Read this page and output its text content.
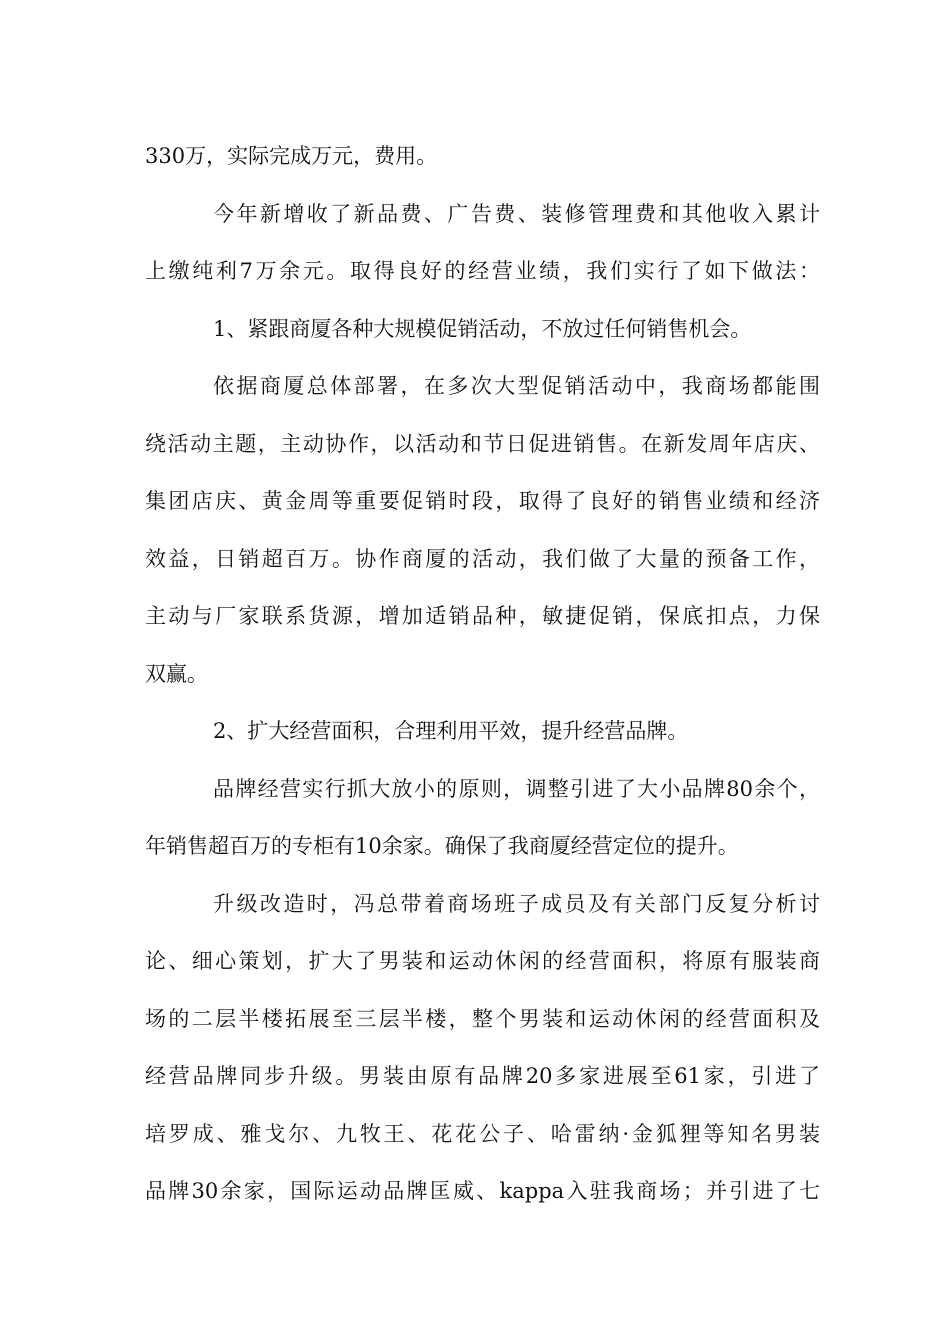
330万，实际完成万元，费用。
今年新增收了新品费、广告费、装修管理费和其他收入累计
上缴纯利7万余元。取得良好的经营业绩，我们实行了如下做法：
1、紧跟商厦各种大规模促销活动，不放过任何销售机会。
依据商厦总体部署，在多次大型促销活动中，我商场都能围
绕活动主题，主动协作，以活动和节日促进销售。在新发周年店庆、
集团店庆、黄金周等重要促销时段，取得了良好的销售业绩和经济
效益，日销超百万。协作商厦的活动，我们做了大量的预备工作，
主动与厂家联系货源，增加适销品种，敏捷促销，保底扣点，力保
双赢。
2、扩大经营面积，合理利用平效，提升经营品牌。
品牌经营实行抓大放小的原则，调整引进了大小品牌80余个，
年销售超百万的专柜有10余家。确保了我商厦经营定位的提升。
升级改造时，冯总带着商场班子成员及有关部门反复分析讨
论、细心策划，扩大了男装和运动休闲的经营面积，将原有服装商
场的二层半楼拓展至三层半楼，整个男装和运动休闲的经营面积及
经营品牌同步升级。男装由原有品牌20多家进展至61家，引进了
培罗成、雅戈尔、九牧王、花花公子、哈雷纳·金狐狸等知名男装
品牌30余家，国际运动品牌匡威、kappa入驻我商场；并引进了七
